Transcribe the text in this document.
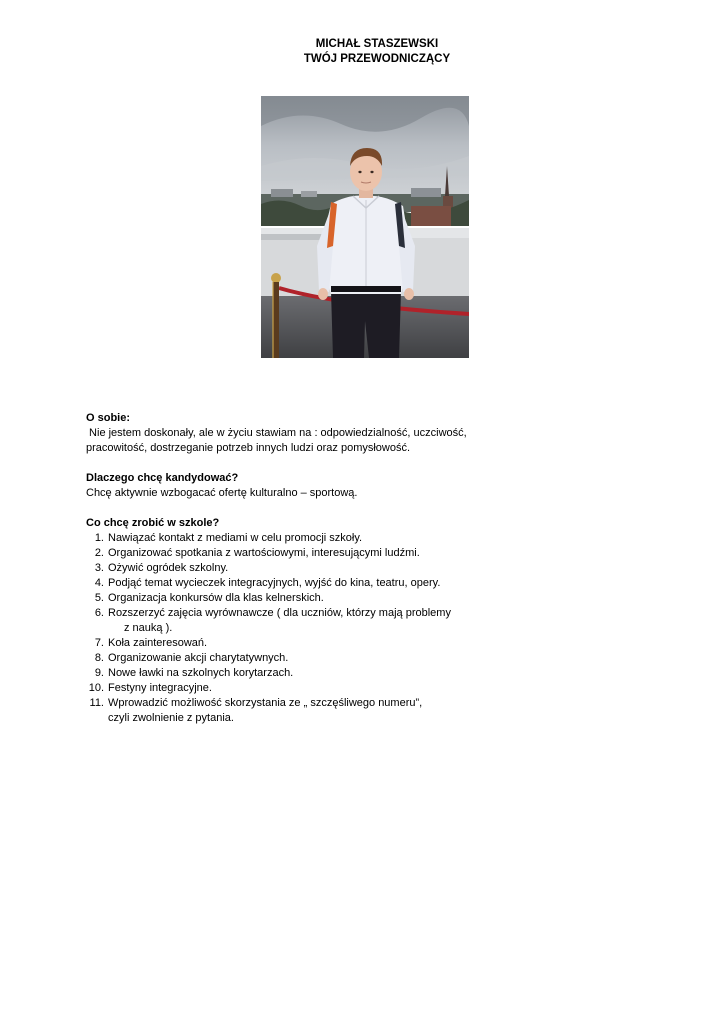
MICHAŁ STASZEWSKI
TWÓJ PRZEWODNICZĄCY
O sobie:
Nie jestem doskonały, ale w życiu stawiam na : odpowiedzialność, uczciwość,
pracowitość, dostrzeganie potrzeb innych ludzi oraz pomysłowość.
Dlaczego chcę kandydować?
Chcę aktywnie wzbogacać ofertę kulturalno – sportową.
Co chcę zrobić w szkole?
1. Nawiązać kontakt z mediami w celu promocji szkoły.
2. Organizować spotkania z wartościowymi, interesującymi ludźmi.
3. Ożywić ogródek szkolny.
4. Podjąć temat wycieczek integracyjnych, wyjść do kina, teatru, opery.
5. Organizacja konkursów dla klas kelnerskich.
6. Rozszerzyć zajęcia wyrównawcze ( dla uczniów, którzy mają problemy
z nauką ).
7. Koła zainteresowań.
8. Organizowanie akcji charytatywnych.
9. Nowe ławki na szkolnych korytarzach.
10. Festyny integracyjne.
11. Wprowadzić możliwość skorzystania ze „ szczęśliwego numeru”,
czyli zwolnienie z pytania.
